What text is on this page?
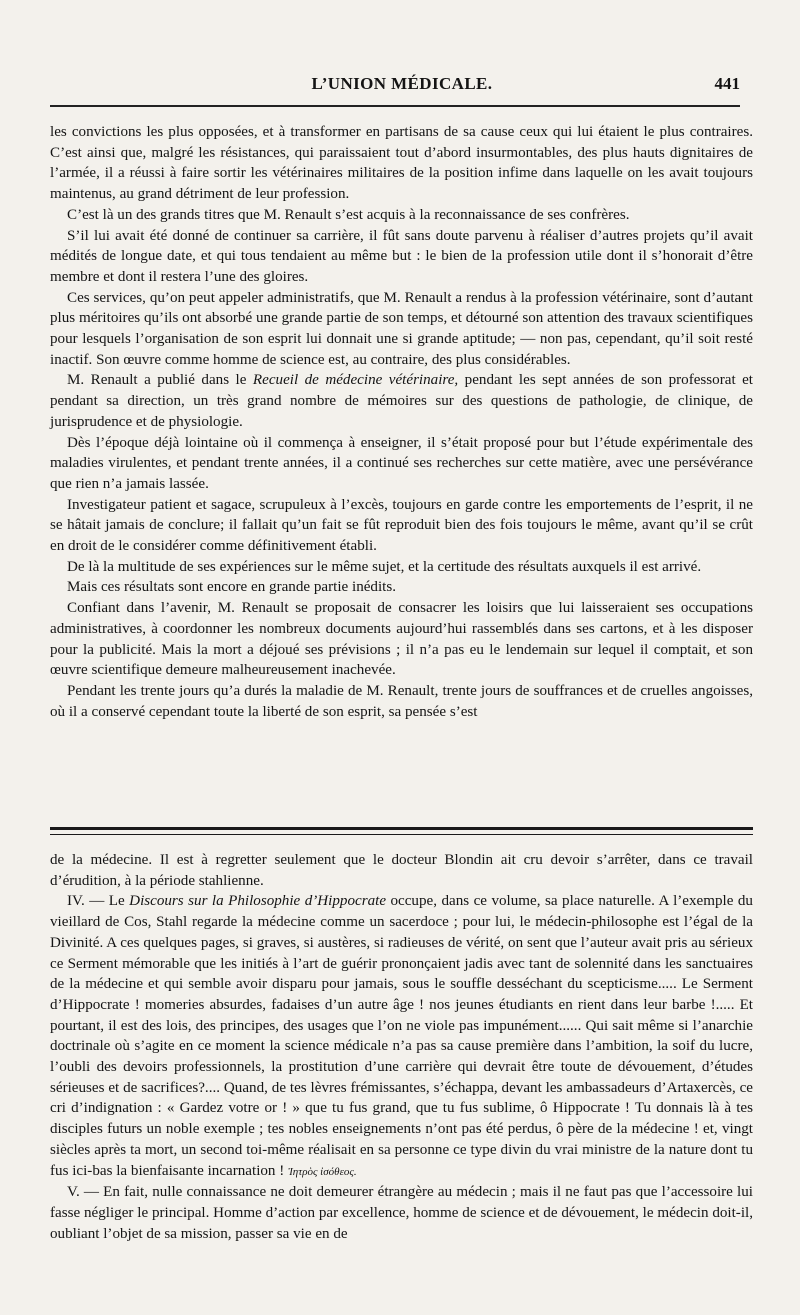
L’UNION MÉDICALE.	441

les convictions les plus opposées, et à transformer en partisans de sa cause ceux qui lui étaient le plus contraires. C’est ainsi que, malgré les résistances, qui paraissaient tout d’abord insurmontables, des plus hauts dignitaires de l’armée, il a réussi à faire sortir les vétérinaires militaires de la position infime dans laquelle on les avait toujours maintenus, au grand détriment de leur profession.

C’est là un des grands titres que M. Renault s’est acquis à la reconnaissance de ses confrères.

S’il lui avait été donné de continuer sa carrière, il fût sans doute parvenu à réaliser d’autres projets qu’il avait médités de longue date, et qui tous tendaient au même but : le bien de la profession utile dont il s’honorait d’être membre et dont il restera l’une des gloires.

Ces services, qu’on peut appeler administratifs, que M. Renault a rendus à la profession vétérinaire, sont d’autant plus méritoires qu’ils ont absorbé une grande partie de son temps, et détourné son attention des travaux scientifiques pour lesquels l’organisation de son esprit lui donnait une si grande aptitude; — non pas, cependant, qu’il soit resté inactif. Son œuvre comme homme de science est, au contraire, des plus considérables.

M. Renault a publié dans le Recueil de médecine vétérinaire, pendant les sept années de son professorat et pendant sa direction, un très grand nombre de mémoires sur des questions de pathologie, de clinique, de jurisprudence et de physiologie.

Dès l’époque déjà lointaine où il commença à enseigner, il s’était proposé pour but l’étude expérimentale des maladies virulentes, et pendant trente années, il a continué ses recherches sur cette matière, avec une persévérance que rien n’a jamais lassée.

Investigateur patient et sagace, scrupuleux à l’excès, toujours en garde contre les emportements de l’esprit, il ne se hâtait jamais de conclure; il fallait qu’un fait se fût reproduit bien des fois toujours le même, avant qu’il se crût en droit de le considérer comme définitivement établi.

De là la multitude de ses expériences sur le même sujet, et la certitude des résultats auxquels il est arrivé.

Mais ces résultats sont encore en grande partie inédits.

Confiant dans l’avenir, M. Renault se proposait de consacrer les loisirs que lui laisseraient ses occupations administratives, à coordonner les nombreux documents aujourd’hui rassemblés dans ses cartons, et à les disposer pour la publicité. Mais la mort a déjoué ses prévisions ; il n’a pas eu le lendemain sur lequel il comptait, et son œuvre scientifique demeure malheureusement inachevée.

Pendant les trente jours qu’a durés la maladie de M. Renault, trente jours de souffrances et de cruelles angoisses, où il a conservé cependant toute la liberté de son esprit, sa pensée s’est

de la médecine. Il est à regretter seulement que le docteur Blondin ait cru devoir s’arrêter, dans ce travail d’érudition, à la période stahlienne.

IV. — Le Discours sur la Philosophie d’Hippocrate occupe, dans ce volume, sa place naturelle. A l’exemple du vieillard de Cos, Stahl regarde la médecine comme un sacerdoce ; pour lui, le médecin-philosophe est l’égal de la Divinité. A ces quelques pages, si graves, si austères, si radieuses de vérité, on sent que l’auteur avait pris au sérieux ce Serment mémorable que les initiés à l’art de guérir prononçaient jadis avec tant de solennité dans les sanctuaires de la médecine et qui semble avoir disparu pour jamais, sous le souffle desséchant du scepticisme..... Le Serment d’Hippocrate ! momeries absurdes, fadaises d’un autre âge ! nos jeunes étudiants en rient dans leur barbe !..... Et pourtant, il est des lois, des principes, des usages que l’on ne viole pas impunément...... Qui sait même si l’anarchie doctrinale où s’agite en ce moment la science médicale n’a pas sa cause première dans l’ambition, la soif du lucre, l’oubli des devoirs professionnels, la prostitution d’une carrière qui devrait être toute de dévouement, d’études sérieuses et de sacrifices?.... Quand, de tes lèvres frémissantes, s’échappa, devant les ambassadeurs d’Artaxercès, ce cri d’indignation : « Gardez votre or ! » que tu fus grand, que tu fus sublime, ô Hippocrate ! Tu donnais là à tes disciples futurs un noble exemple ; tes nobles enseignements n’ont pas été perdus, ô père de la médecine ! et, vingt siècles après ta mort, un second toi-même réalisait en sa personne ce type divin du vrai ministre de la nature dont tu fus ici-bas la bienfaisante incarnation ! Ἰητρὸς ἰσόθεος.

V. — En fait, nulle connaissance ne doit demeurer étrangère au médecin ; mais il ne faut pas que l’accessoire lui fasse négliger le principal. Homme d’action par excellence, homme de science et de dévouement, le médecin doit-il, oubliant l’objet de sa mission, passer sa vie en de
